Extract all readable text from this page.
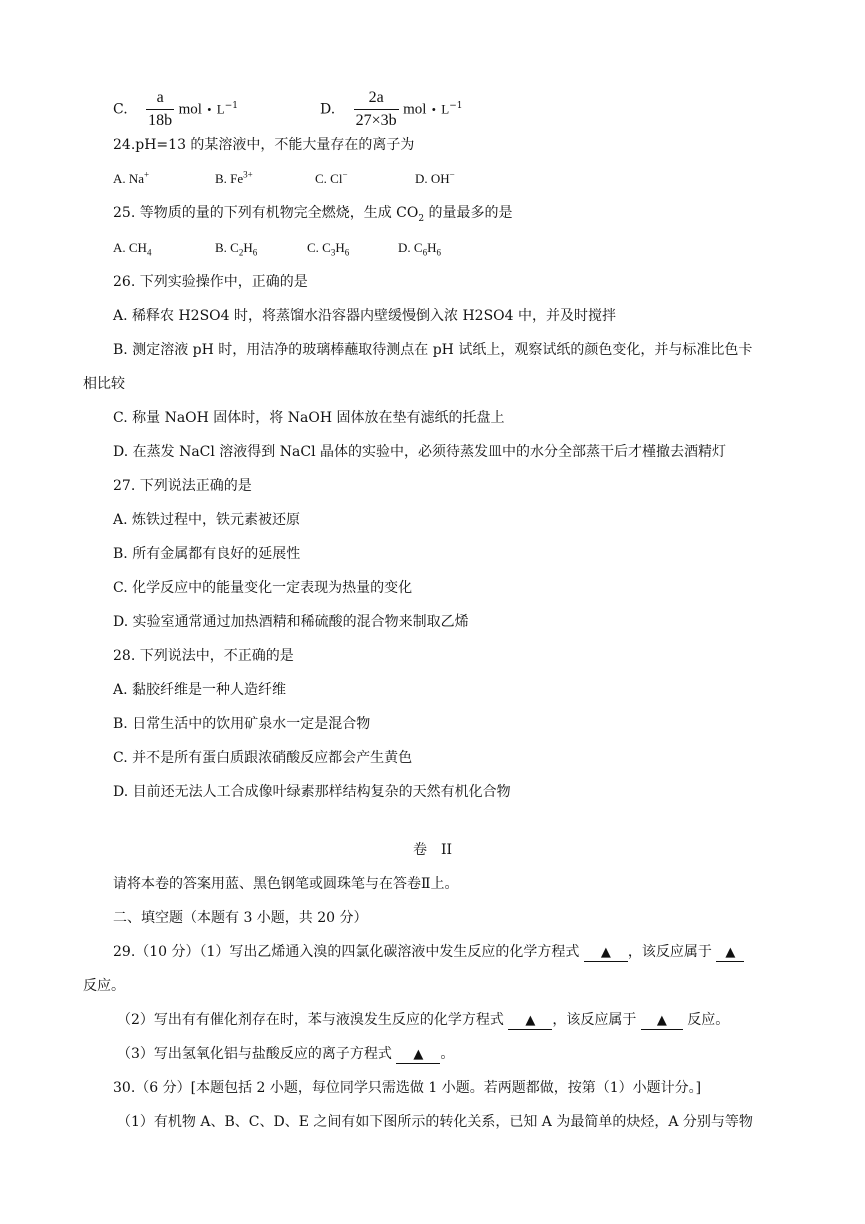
C. $\frac{a}{18b}$ mol • $L^{-1}$	D. $\frac{2a}{27\times 3b}$ mol • $L^{-1}$
24.pH=13 的某溶液中，不能大量存在的离子为
A. Na+	B. $Fe^{3+}$	C. Cl−	D. OH−
25. 等物质的量的下列有机物完全燃烧，生成 $CO_2$ 的量最多的是
A. $CH_4$	B. $C_2H_6$	C. $C_3H_6$	D. $C_6H_6$
26. 下列实验操作中，正确的是
A. 稀释农 H2SO4 时，将蒸馏水沿容器内壁缓慢倒入浓 H2SO4 中，并及时搅拌
B. 测定溶液 pH 时，用洁净的玻璃棒蘸取待测点在 pH 试纸上，观察试纸的颜色变化，并与标准比色卡
相比较
C. 称量 NaOH 固体时，将 NaOH 固体放在垫有滤纸的托盘上
D. 在蒸发 NaCl 溶液得到 NaCl 晶体的实验中，必须待蒸发皿中的水分全部蒸干后才槿撤去酒精灯
27. 下列说法正确的是
A. 炼铁过程中，铁元素被还原
B. 所有金属都有良好的延展性
C. 化学反应中的能量变化一定表现为热量的变化
D. 实验室通常通过加热酒精和稀硫酸的混合物来制取乙烯
28. 下列说法中，不正确的是
A. 黏胶纤维是一种人造纤维
B. 日常生活中的饮用矿泉水一定是混合物
C. 并不是所有蛋白质跟浓硝酸反应都会产生黄色
D. 目前还无法人工合成像叶绿素那样结构复杂的天然有机化合物
卷　II
请将本卷的答案用蓝、黑色钢笔或圆珠笔与在答卷Ⅱ上。
二、填空题（本题有 3 小题，共 20 分）
29.（10 分）（1）写出乙烯通入溴的四氯化碳溶液中发生反应的化学方程式 ▲ ，该反应属于 ▲
反应。
（2）写出有有催化剂存在时，苯与液溴发生反应的化学方程式 ▲ ，该反应属于 ▲ 反应。
（3）写出氢氧化铝与盐酸反应的离子方程式 ▲ 。
30.（6 分）[本题包括 2 小题，每位同学只需选做 1 小题。若两题都做，按第（1）小题计分。]
（1）有机物 A、B、C、D、E 之间有如下图所示的转化关系，已知 A 为最简单的炔烃，A 分别与等物
